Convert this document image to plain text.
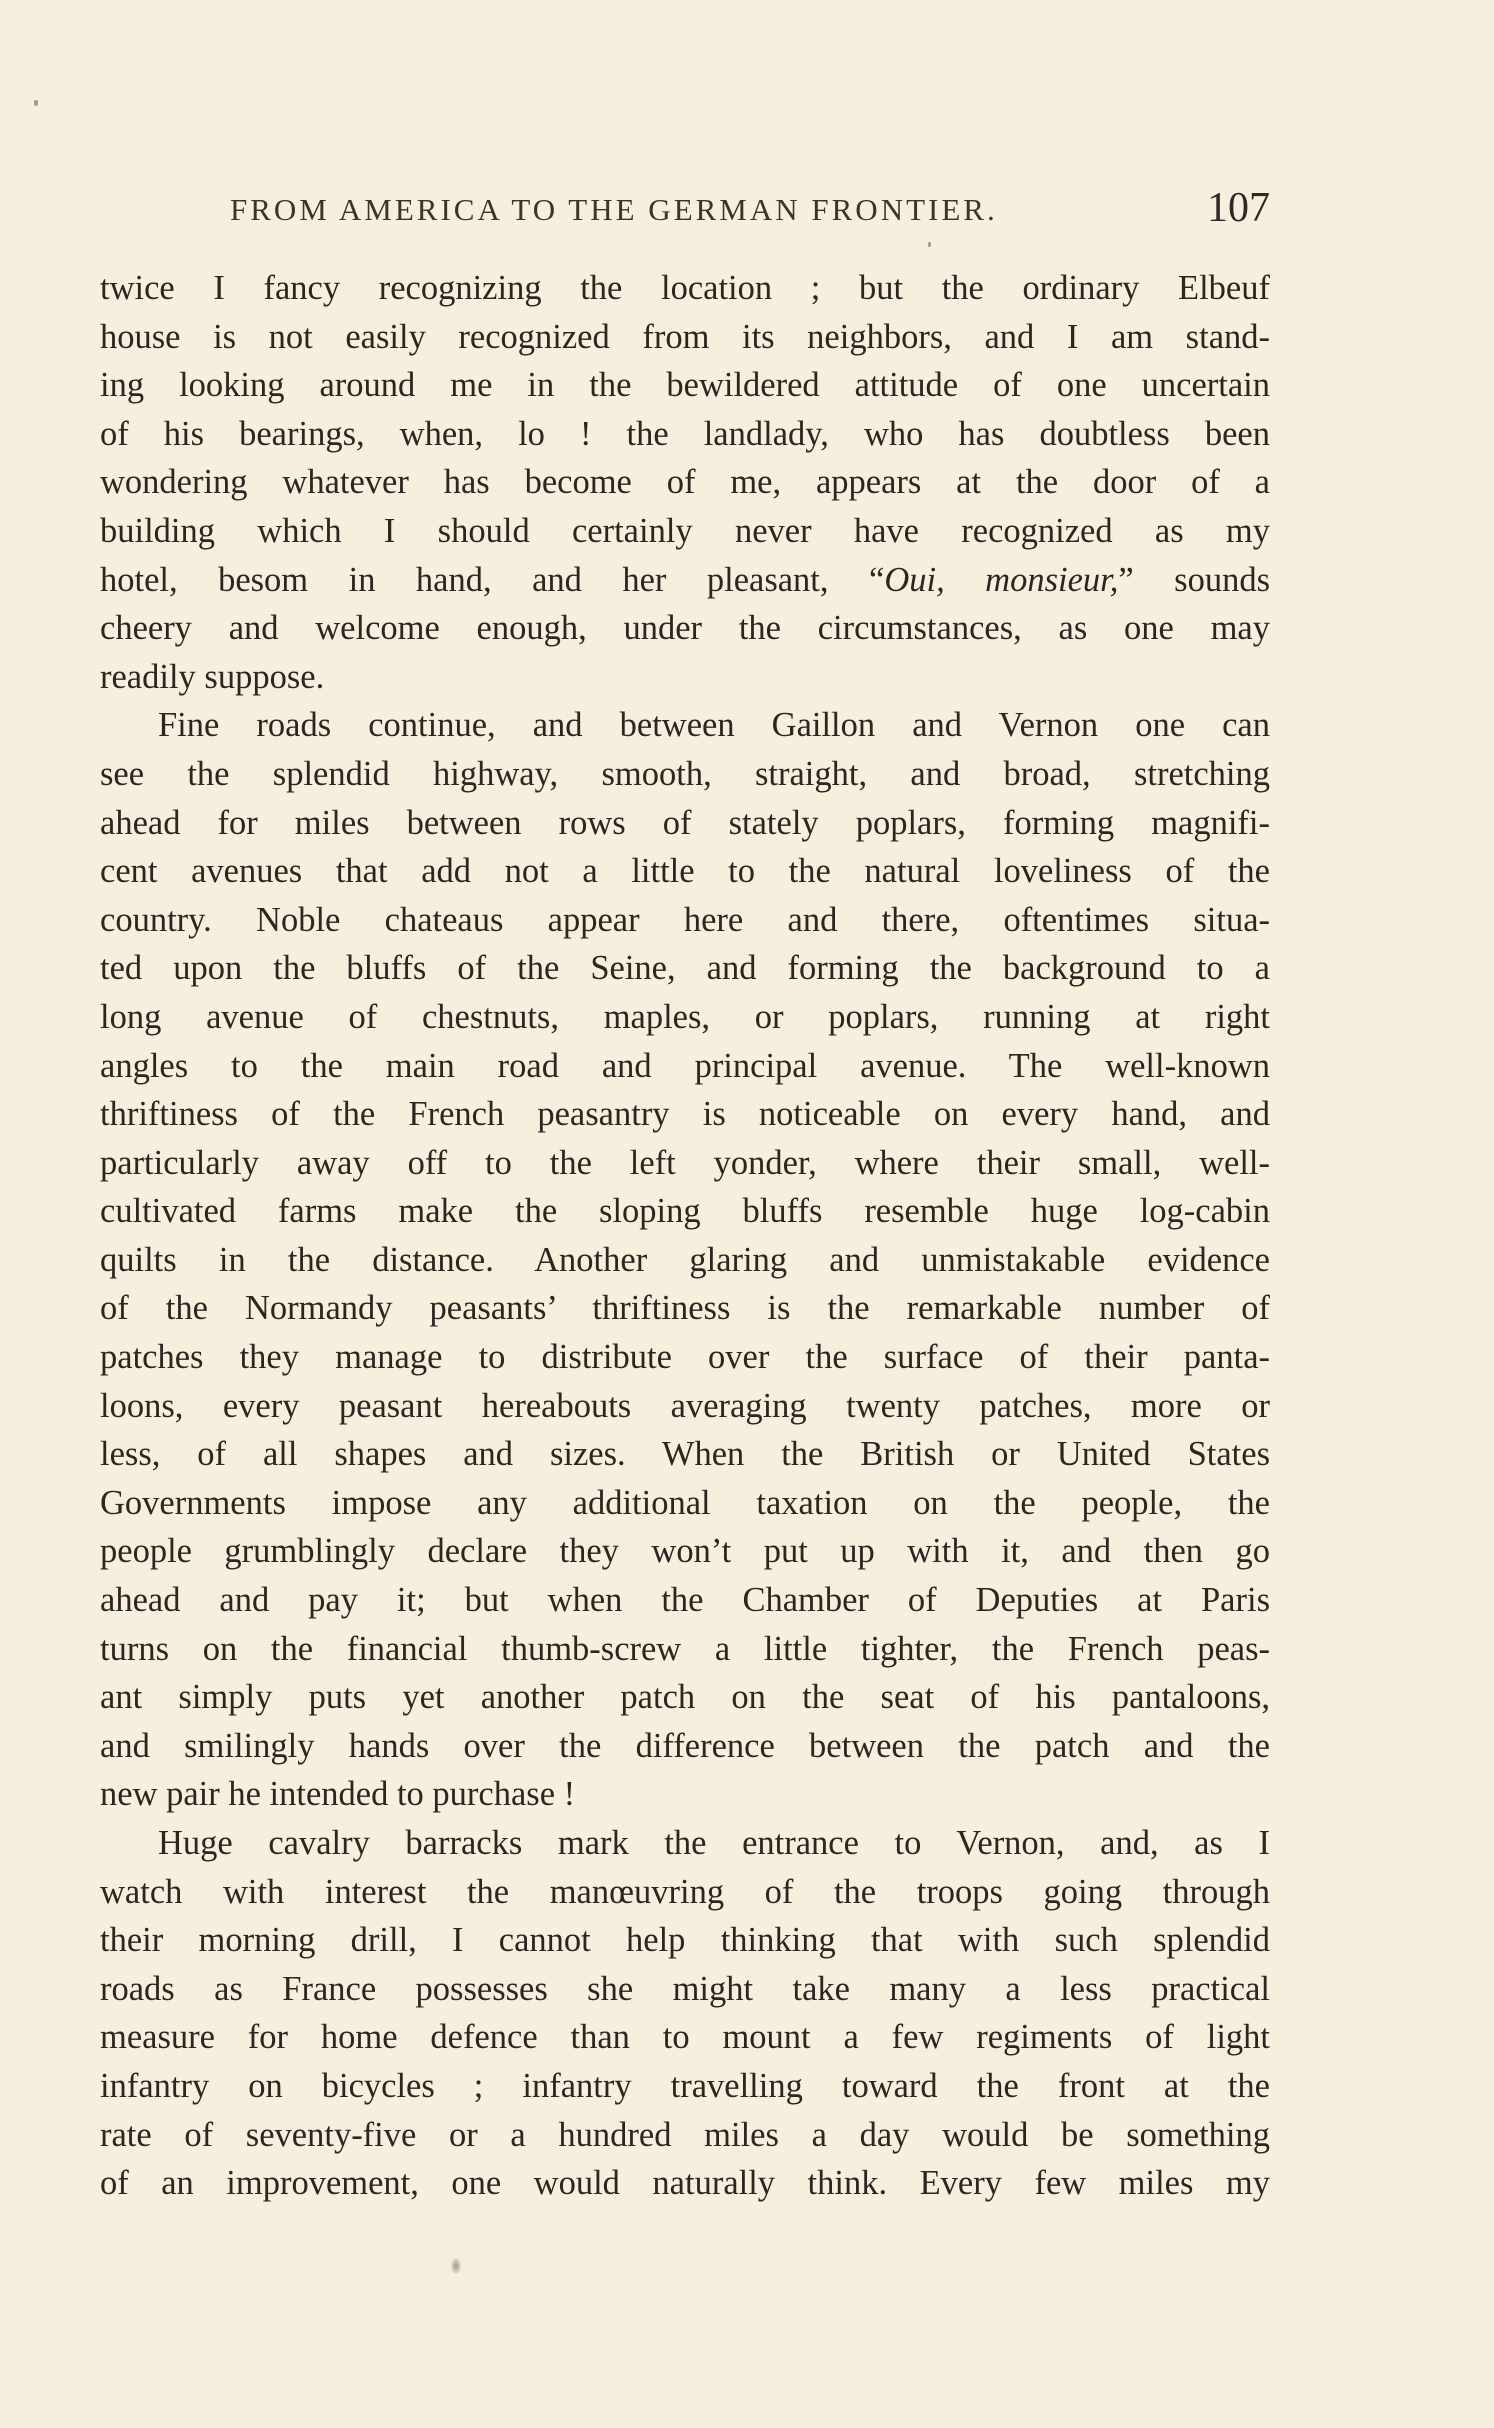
FROM AMERICA TO THE GERMAN FRONTIER.	107
twice I fancy recognizing the location ; but the ordinary Elbeuf
house is not easily recognized from its neighbors, and I am stand-
ing looking around me in the bewildered attitude of one uncertain
of his bearings, when, lo ! the landlady, who has doubtless been
wondering whatever has become of me, appears at the door of a
building which I should certainly never have recognized as my
hotel, besom in hand, and her pleasant, “Oui, monsieur,” sounds
cheery and welcome enough, under the circumstances, as one may
readily suppose.
Fine roads continue, and between Gaillon and Vernon one can
see the splendid highway, smooth, straight, and broad, stretching
ahead for miles between rows of stately poplars, forming magnifi-
cent avenues that add not a little to the natural loveliness of the
country. Noble chateaus appear here and there, oftentimes situa-
ted upon the bluffs of the Seine, and forming the background to a
long avenue of chestnuts, maples, or poplars, running at right
angles to the main road and principal avenue. The well-known
thriftiness of the French peasantry is noticeable on every hand, and
particularly away off to the left yonder, where their small, well-
cultivated farms make the sloping bluffs resemble huge log-cabin
quilts in the distance. Another glaring and unmistakable evidence
of the Normandy peasants’ thriftiness is the remarkable number of
patches they manage to distribute over the surface of their panta-
loons, every peasant hereabouts averaging twenty patches, more or
less, of all shapes and sizes. When the British or United States
Governments impose any additional taxation on the people, the
people grumblingly declare they won’t put up with it, and then go
ahead and pay it; but when the Chamber of Deputies at Paris
turns on the financial thumb-screw a little tighter, the French peas-
ant simply puts yet another patch on the seat of his pantaloons,
and smilingly hands over the difference between the patch and the
new pair he intended to purchase !
Huge cavalry barracks mark the entrance to Vernon, and, as I
watch with interest the manœuvring of the troops going through
their morning drill, I cannot help thinking that with such splendid
roads as France possesses she might take many a less practical
measure for home defence than to mount a few regiments of light
infantry on bicycles ; infantry travelling toward the front at the
rate of seventy-five or a hundred miles a day would be something
of an improvement, one would naturally think. Every few miles my
